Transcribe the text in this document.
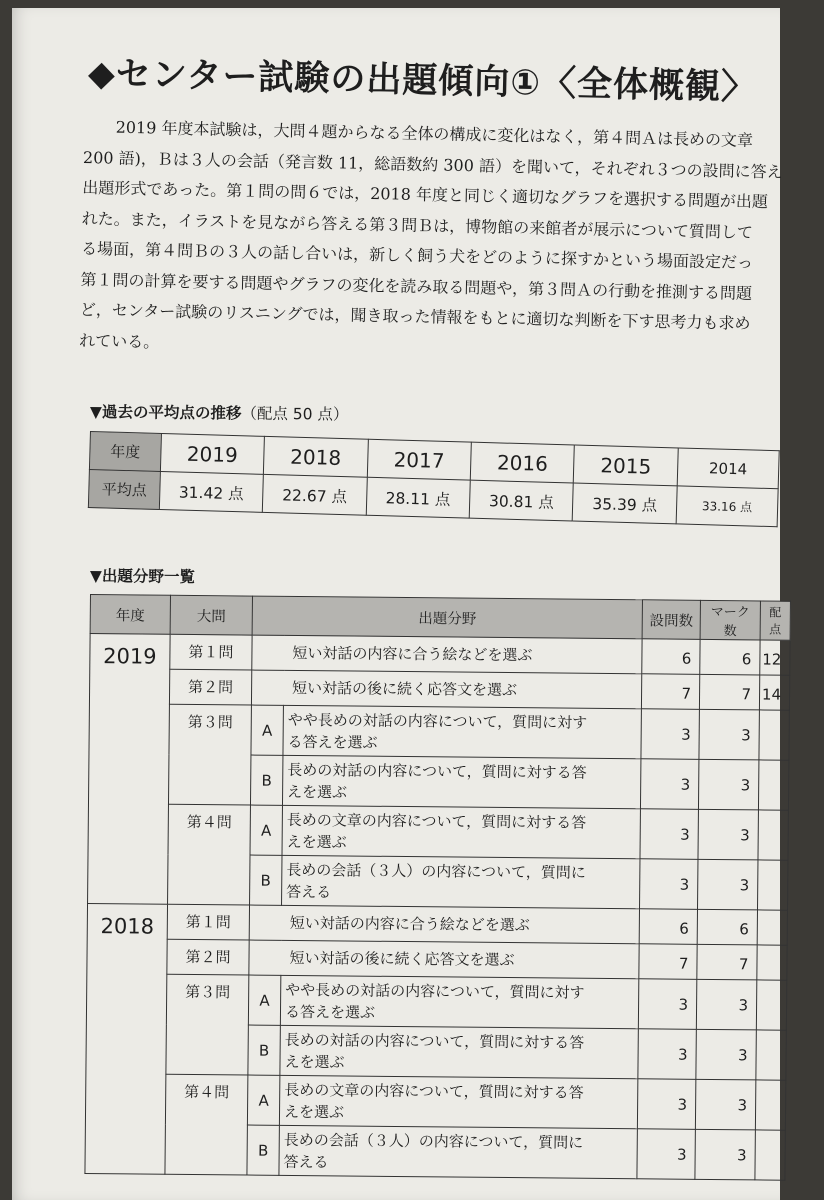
◆センター試験の出題傾向①〈全体概観〉
2019 年度本試験は，大問４題からなる全体の構成に変化はなく，第４問Ａは長めの文章
200 語)，Ｂは３人の会話（発言数 11，総語数約 300 語）を聞いて，それぞれ３つの設問に答え
出題形式であった。第１問の問６では，2018 年度と同じく適切なグラフを選択する問題が出題
れた。また，イラストを見ながら答える第３問Ｂは，博物館の来館者が展示について質問して
る場面，第４問Ｂの３人の話し合いは，新しく飼う犬をどのように探すかという場面設定だっ
第１問の計算を要する問題やグラフの変化を読み取る問題や，第３問Ａの行動を推測する問題
ど，センター試験のリスニングでは，聞き取った情報をもとに適切な判断を下す思考力も求め
れている。
▼過去の平均点の推移（配点 50 点）
年度	2019	2018	2017	2016	2015	2014
平均点	31.42 点	22.67 点	28.11 点	30.81 点	35.39 点	33.16 点
▼出題分野一覧
年度	大問	出題分野		設問数	マーク数	配点
2019	第１問	短い対話の内容に合う絵などを選ぶ		6	6	12
	第２問	短い対話の後に続く応答文を選ぶ		7	7	14
	第３問	A	やや長めの対話の内容について，質問に対す
る答えを選ぶ	3	3	
		B	長めの対話の内容について，質問に対する答
えを選ぶ	3	3	
	第４問	A	長めの文章の内容について，質問に対する答
えを選ぶ	3	3	
		B	長めの会話（３人）の内容について，質問に
答える	3	3	
2018	第１問	短い対話の内容に合う絵などを選ぶ		6	6	
	第２問	短い対話の後に続く応答文を選ぶ		7	7	
	第３問	A	やや長めの対話の内容について，質問に対す
る答えを選ぶ	3	3	
		B	長めの対話の内容について，質問に対する答
えを選ぶ	3	3	
	第４問	A	長めの文章の内容について，質問に対する答
えを選ぶ	3	3	
		B	長めの会話（３人）の内容について，質問に
答える	3	3	
